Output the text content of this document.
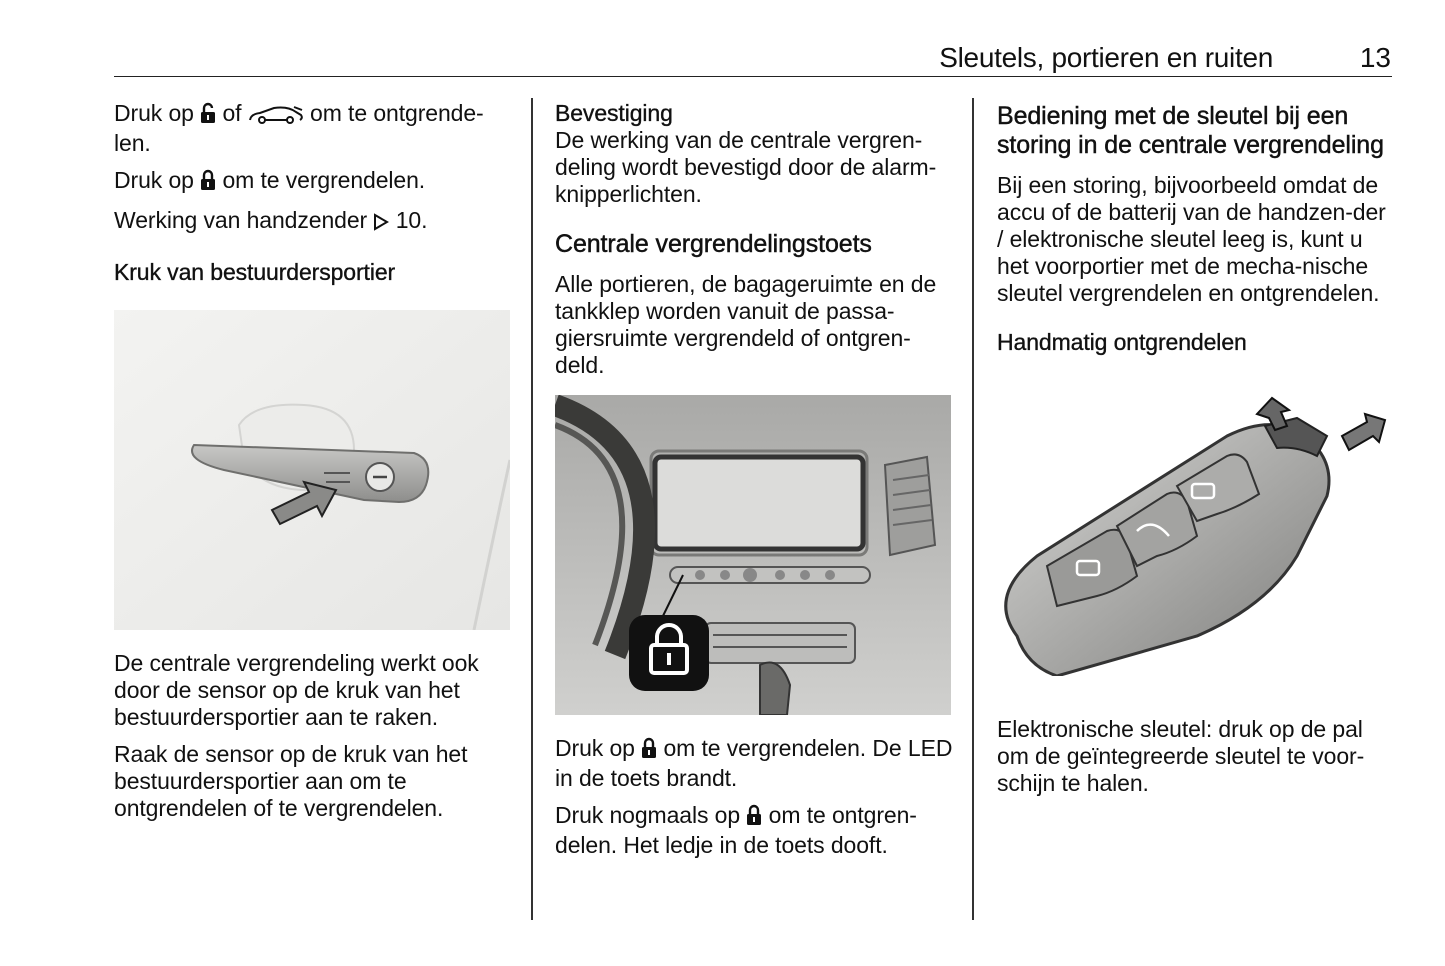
Sleutels, portieren en ruiten	13

Druk op of	om te ontgrende-
len.

Druk op om te vergrendelen.

Werking van handzender 10.

Kruk van bestuurdersportier

De centrale vergrendeling werkt ook door de sensor op de kruk van het bestuurdersportier aan te raken.

Raak de sensor op de kruk van het bestuurdersportier aan om te ontgrendelen of te vergrendelen.

Bevestiging

De werking van de centrale vergren-deling wordt bevestigd door de alarm-knipperlichten.

Centrale vergrendelingstoets

Alle portieren, de bagageruimte en de tankklep worden vanuit de passa-giersruimte vergrendeld of ontgren-deld.

Druk op om te vergrendelen. De LED in de toets brandt.

Druk nogmaals op om te ontgren-delen. Het ledje in de toets dooft.

Bediening met de sleutel bij een storing in de centrale vergrendeling

Bij een storing, bijvoorbeeld omdat de accu of de batterij van de handzen-der / elektronische sleutel leeg is, kunt u het voorportier met de mecha-nische sleutel vergrendelen en ontgrendelen.

Handmatig ontgrendelen

Elektronische sleutel: druk op de pal om de geïntegreerde sleutel te voor-schijn te halen.
